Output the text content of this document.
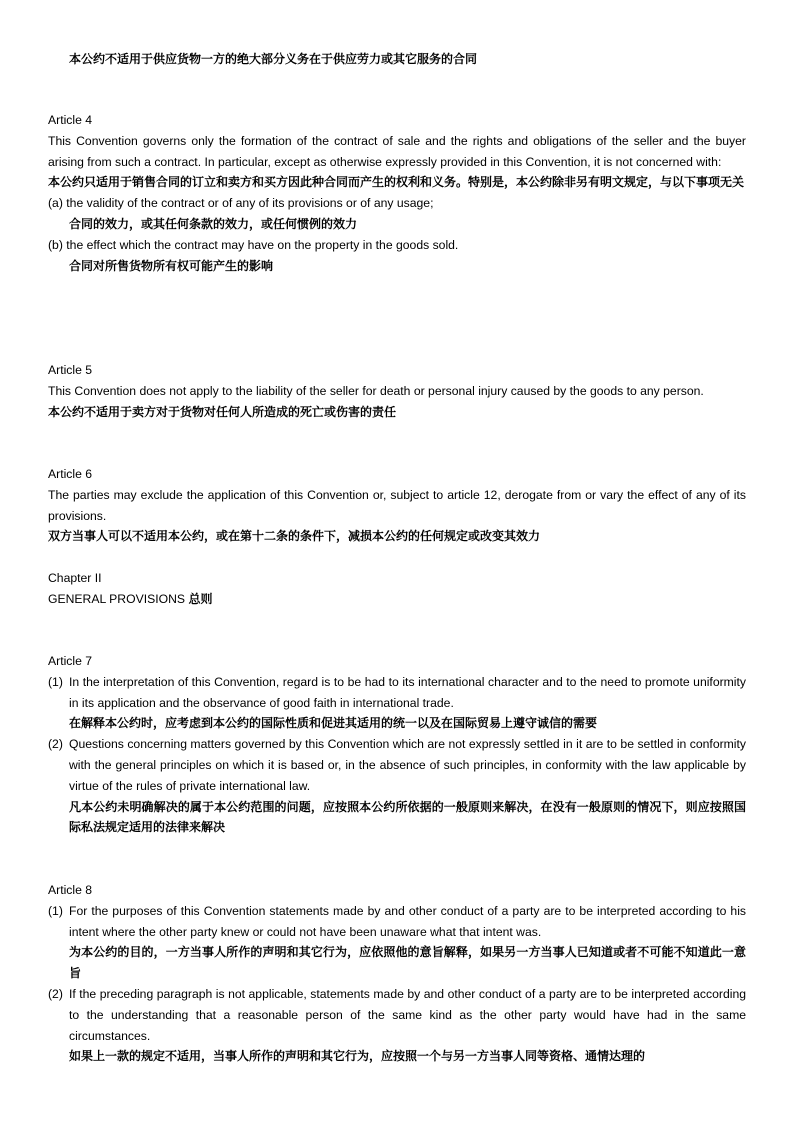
本公约不适用于供应货物一方的绝大部分义务在于供应劳力或其它服务的合同
Article 4
This Convention governs only the formation of the contract of sale and the rights and obligations of the seller and the buyer arising from such a contract. In particular, except as otherwise expressly provided in this Convention, it is not concerned with:
本公约只适用于销售合同的订立和卖方和买方因此种合同而产生的权利和义务。特别是，本公约除非另有明文规定，与以下事项无关
(a) the validity of the contract or of any of its provisions or of any usage;
合同的效力，或其任何条款的效力，或任何惯例的效力
(b) the effect which the contract may have on the property in the goods sold.
合同对所售货物所有权可能产生的影响
Article 5
This Convention does not apply to the liability of the seller for death or personal injury caused by the goods to any person.
本公约不适用于卖方对于货物对任何人所造成的死亡或伤害的责任
Article 6
The parties may exclude the application of this Convention or, subject to article 12, derogate from or vary the effect of any of its provisions.
双方当事人可以不适用本公约，或在第十二条的条件下，减损本公约的任何规定或改变其效力
Chapter II
GENERAL PROVISIONS 总则
Article 7
(1) In the interpretation of this Convention, regard is to be had to its international character and to the need to promote uniformity in its application and the observance of good faith in international trade.
在解释本公约时，应考虑到本公约的国际性质和促进其适用的统一以及在国际贸易上遵守诚信的需要
(2) Questions concerning matters governed by this Convention which are not expressly settled in it are to be settled in conformity with the general principles on which it is based or, in the absence of such principles, in conformity with the law applicable by virtue of the rules of private international law.
凡本公约未明确解决的属于本公约范围的问题，应按照本公约所依据的一般原则来解决，在没有一般原则的情况下，则应按照国际私法规定适用的法律来解决
Article 8
(1) For the purposes of this Convention statements made by and other conduct of a party are to be interpreted according to his intent where the other party knew or could not have been unaware what that intent was.
为本公约的目的，一方当事人所作的声明和其它行为，应依照他的意旨解释，如果另一方当事人已知道或者不可能不知道此一意旨
(2) If the preceding paragraph is not applicable, statements made by and other conduct of a party are to be interpreted according to the understanding that a reasonable person of the same kind as the other party would have had in the same circumstances.
如果上一款的规定不适用，当事人所作的声明和其它行为，应按照一个与另一方当事人同等资格、通情达理的
